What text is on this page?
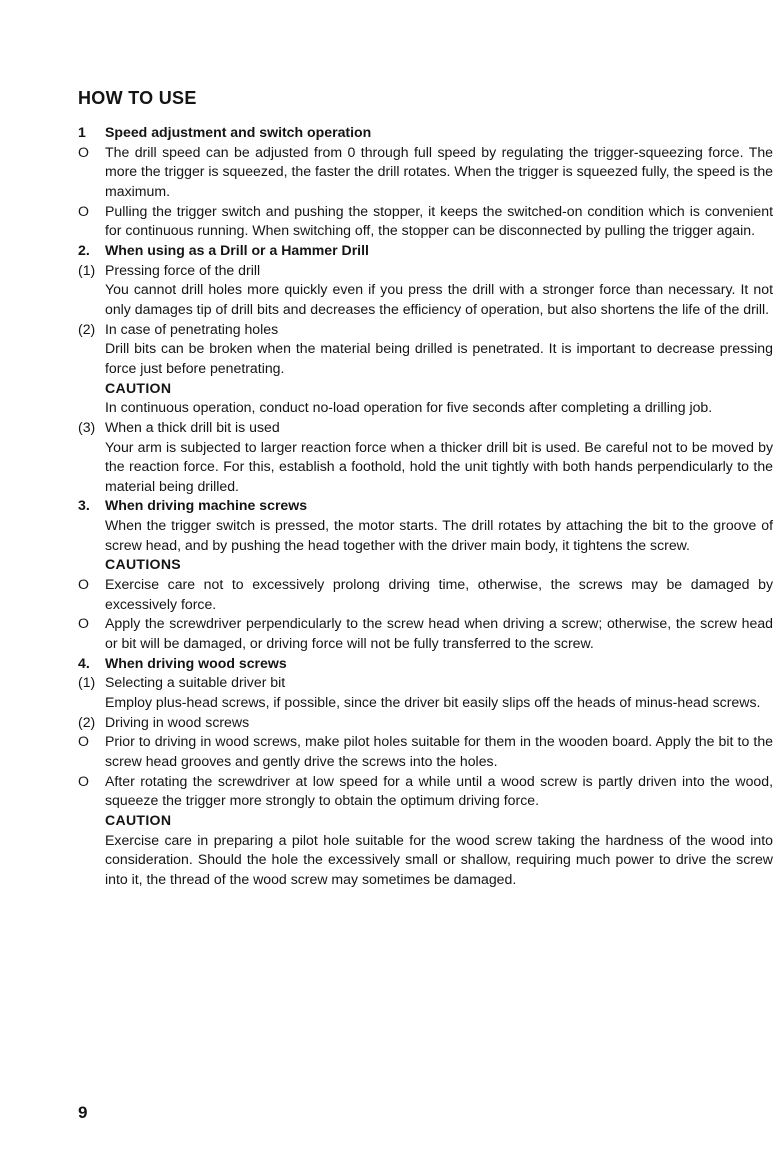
HOW TO USE
1	Speed adjustment and switch operation
O	The drill speed can be adjusted from 0 through full speed by regulating the trigger-squeezing force. The more the trigger is squeezed, the faster the drill rotates. When the trigger is squeezed fully, the speed is the maximum.
O	Pulling the trigger switch and pushing the stopper, it keeps the switched-on condition which is convenient for continuous running. When switching off, the stopper can be disconnected by pulling the trigger again.
2.	When using as a Drill or a Hammer Drill
(1) Pressing force of the drill
You cannot drill holes more quickly even if you press the drill with a stronger force than necessary. It not only damages tip of drill bits and decreases the efficiency of operation, but also shortens the life of the drill.
(2) In case of penetrating holes
Drill bits can be broken when the material being drilled is penetrated. It is important to decrease pressing force just before penetrating.
CAUTION
In continuous operation, conduct no-load operation for five seconds after completing a drilling job.
(3) When a thick drill bit is used
Your arm is subjected to larger reaction force when a thicker drill bit is used. Be careful not to be moved by the reaction force. For this, establish a foothold, hold the unit tightly with both hands perpendicularly to the material being drilled.
3.	When driving machine screws
When the trigger switch is pressed, the motor starts. The drill rotates by attaching the bit to the groove of screw head, and by pushing the head together with the driver main body, it tightens the screw.
CAUTIONS
O	Exercise care not to excessively prolong driving time, otherwise, the screws may be damaged by excessively force.
O	Apply the screwdriver perpendicularly to the screw head when driving a screw; otherwise, the screw head or bit will be damaged, or driving force will not be fully transferred to the screw.
4.	When driving wood screws
(1) Selecting a suitable driver bit
Employ plus-head screws, if possible, since the driver bit easily slips off the heads of minus-head screws.
(2) Driving in wood screws
O	Prior to driving in wood screws, make pilot holes suitable for them in the wooden board. Apply the bit to the screw head grooves and gently drive the screws into the holes.
O	After rotating the screwdriver at low speed for a while until a wood screw is partly driven into the wood, squeeze the trigger more strongly to obtain the optimum driving force.
CAUTION
Exercise care in preparing a pilot hole suitable for the wood screw taking the hardness of the wood into consideration. Should the hole the excessively small or shallow, requiring much power to drive the screw into it, the thread of the wood screw may sometimes be damaged.
9
